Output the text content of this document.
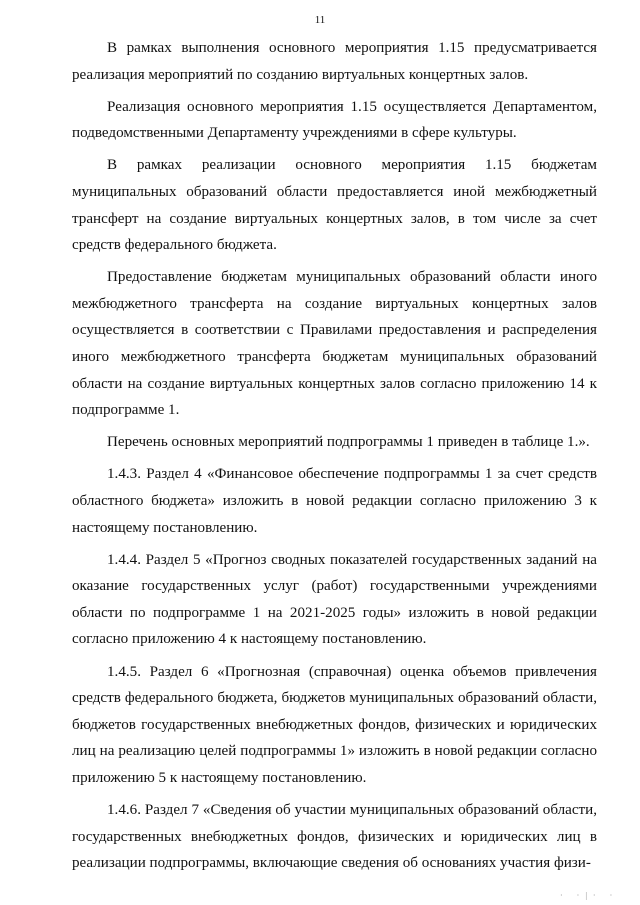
11

В рамках выполнения основного мероприятия 1.15 предусматривается реализация мероприятий по созданию виртуальных концертных залов.

Реализация основного мероприятия 1.15 осуществляется Департаментом, подведомственными Департаменту учреждениями в сфере культуры.

В рамках реализации основного мероприятия 1.15 бюджетам муниципальных образований области предоставляется иной межбюджетный трансферт на создание виртуальных концертных залов, в том числе за счет средств федерального бюджета.

Предоставление бюджетам муниципальных образований области иного межбюджетного трансферта на создание виртуальных концертных залов осуществляется в соответствии с Правилами предоставления и распределения иного межбюджетного трансферта бюджетам муниципальных образований области на создание виртуальных концертных залов согласно приложению 14 к подпрограмме 1.

Перечень основных мероприятий подпрограммы 1 приведен в таблице 1.».

1.4.3. Раздел 4 «Финансовое обеспечение подпрограммы 1 за счет средств областного бюджета» изложить в новой редакции согласно приложению 3 к настоящему постановлению.

1.4.4. Раздел 5 «Прогноз сводных показателей государственных заданий на оказание государственных услуг (работ) государственными учреждениями области по подпрограмме 1 на 2021-2025 годы» изложить в новой редакции согласно приложению 4 к настоящему постановлению.

1.4.5. Раздел 6 «Прогнозная (справочная) оценка объемов привлечения средств федерального бюджета, бюджетов муниципальных образований области, бюджетов государственных внебюджетных фондов, физических и юридических лиц на реализацию целей подпрограммы 1» изложить в новой редакции согласно приложению 5 к настоящему постановлению.

1.4.6. Раздел 7 «Сведения об участии муниципальных образований области, государственных внебюджетных фондов, физических и юридических лиц в реализации подпрограммы, включающие сведения об основаниях участия физи-

· ·|· ·
